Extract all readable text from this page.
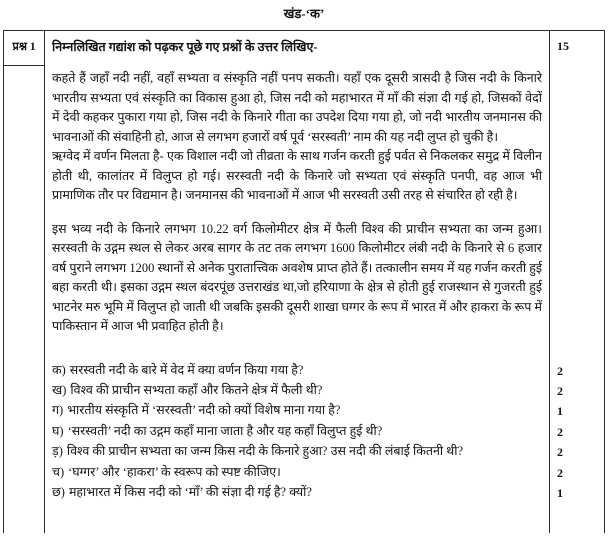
खंड-‘क’
प्रश्न 1	निम्नलिखित गद्यांश को पढ़कर पूछे गए प्रश्नों के उत्तर लिखिए-	15

कहते हैं जहाँ नदी नहीं, वहाँ सभ्यता व संस्कृति नहीं पनप सकती। यहाँ एक दूसरी त्रासदी है जिस नदी के किनारे भारतीय सभ्यता एवं संस्कृति का विकास हुआ हो, जिस नदी को महाभारत में माँ की संज्ञा दी गई हो, जिसकों वेदों में देवी कहकर पुकारा गया हो, जिस नदी के किनारे गीता का उपदेश दिया गया हो, जो नदी भारतीय जनमानस की भावनाओं की संवाहिनी हो, आज से लगभग हजारों वर्ष पूर्व ‘सरस्वती’ नाम की यह नदी लुप्त हो चुकी है।

ऋग्वेद में वर्णन मिलता है- एक विशाल नदी जो तीव्रता के साथ गर्जन करती हुई पर्वत से निकलकर समुद्र में विलीन होती थी, कालांतर में विलुप्त हो गई। सरस्वती नदी के किनारे जो सभ्यता एवं संस्कृति पनपी, वह आज भी प्रामाणिक तौर पर विद्यमान है। जनमानस की भावनाओं में आज भी सरस्वती उसी तरह से संचारित हो रही है।

इस भव्य नदी के किनारे लगभग 10.22 वर्ग किलोमीटर क्षेत्र में फैली विश्व की प्राचीन सभ्यता का जन्म हुआ। सरस्वती के उद्गम स्थल से लेकर अरब सागर के तट तक लगभग 1600 किलोमीटर लंबी नदी के किनारे से 6 हजार वर्ष पुराने लगभग 1200 स्थानों से अनेक पुरातात्त्विक अवशेष प्राप्त होते हैं। तत्कालीन समय में यह गर्जन करती हुई बहा करती थी। इसका उद्गम स्थल बंदरपूंछ उत्तराखंड था,जो हरियाणा के क्षेत्र से होती हुई राजस्थान से गुजरती हुई भाटनेर मरु भूमि में विलुप्त हो जाती थी जबकि इसकी दूसरी शाखा घग्गर के रूप में भारत में और हाकरा के रूप में पाकिस्तान में आज भी प्रवाहित होती है।

क) सरस्वती नदी के बारे में वेद में क्या वर्णन किया गया है?	2
ख) विश्व की प्राचीन सभ्यता कहाँ और कितने क्षेत्र में फैली थी?	2
ग) भारतीय संस्कृति में ‘सरस्वती’ नदी को क्यों विशेष माना गया है?	1
घ) ‘सरस्वती’ नदी का उद्गम कहाँ माना जाता है और यह कहाँ विलुप्त हुई थी?	2
ड़) विश्व की प्राचीन सभ्यता का जन्म किस नदी के किनारे हुआ? उस नदी की लंबाई कितनी थी?	2
च) ‘घग्गर’ और ‘हाकरा’ के स्वरूप को स्पष्ट कीजिए।	2
छ) महाभारत में किस नदी को ‘माँ’ की संज्ञा दी गई है? क्यों?	1
